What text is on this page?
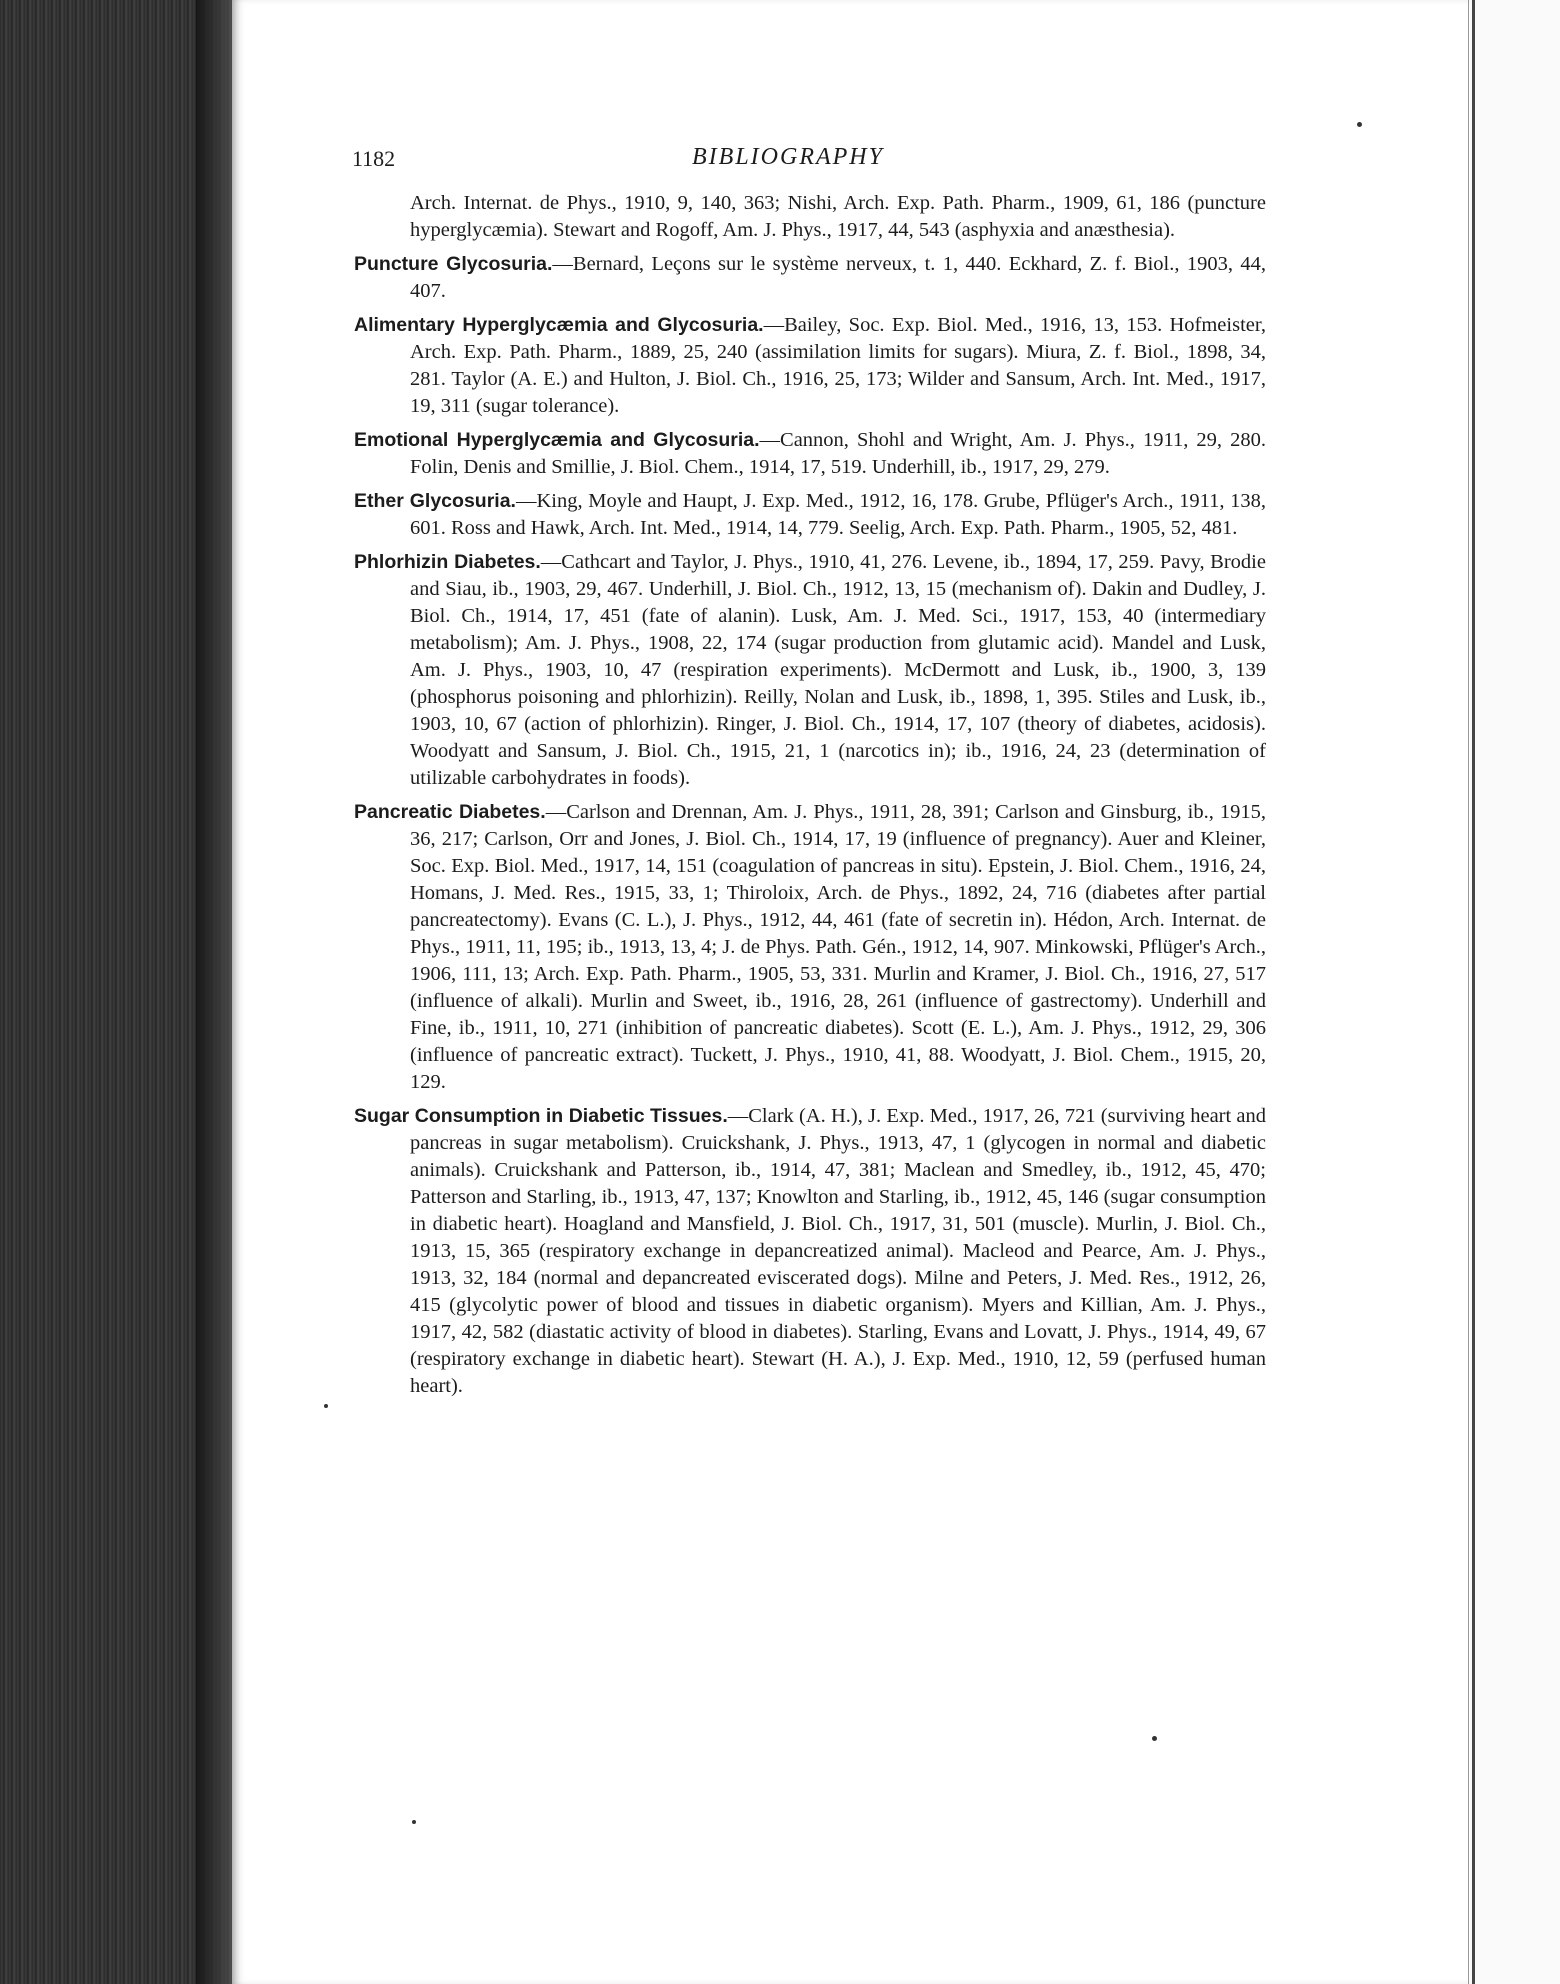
1182	BIBLIOGRAPHY

Arch. Internat. de Phys., 1910, 9, 140, 363; Nishi, Arch. Exp. Path. Pharm., 1909, 61, 186 (puncture hyperglycæmia). Stewart and Rogoff, Am. J. Phys., 1917, 44, 543 (asphyxia and anæsthesia).

Puncture Glycosuria.—Bernard, Leçons sur le système nerveux, t. 1, 440. Eckhard, Z. f. Biol., 1903, 44, 407.

Alimentary Hyperglycæmia and Glycosuria.—Bailey, Soc. Exp. Biol. Med., 1916, 13, 153. Hofmeister, Arch. Exp. Path. Pharm., 1889, 25, 240 (assimilation limits for sugars). Miura, Z. f. Biol., 1898, 34, 281. Taylor (A. E.) and Hulton, J. Biol. Ch., 1916, 25, 173; Wilder and Sansum, Arch. Int. Med., 1917, 19, 311 (sugar tolerance).

Emotional Hyperglycæmia and Glycosuria.—Cannon, Shohl and Wright, Am. J. Phys., 1911, 29, 280. Folin, Denis and Smillie, J. Biol. Chem., 1914, 17, 519. Underhill, ib., 1917, 29, 279.

Ether Glycosuria.—King, Moyle and Haupt, J. Exp. Med., 1912, 16, 178. Grube, Pflüger's Arch., 1911, 138, 601. Ross and Hawk, Arch. Int. Med., 1914, 14, 779. Seelig, Arch. Exp. Path. Pharm., 1905, 52, 481.

Phlorhizin Diabetes.—Cathcart and Taylor, J. Phys., 1910, 41, 276. Levene, ib., 1894, 17, 259. Pavy, Brodie and Siau, ib., 1903, 29, 467. Underhill, J. Biol. Ch., 1912, 13, 15 (mechanism of). Dakin and Dudley, J. Biol. Ch., 1914, 17, 451 (fate of alanin). Lusk, Am. J. Med. Sci., 1917, 153, 40 (intermediary metabolism); Am. J. Phys., 1908, 22, 174 (sugar production from glutamic acid). Mandel and Lusk, Am. J. Phys., 1903, 10, 47 (respiration experiments). McDermott and Lusk, ib., 1900, 3, 139 (phosphorus poisoning and phlorhizin). Reilly, Nolan and Lusk, ib., 1898, 1, 395. Stiles and Lusk, ib., 1903, 10, 67 (action of phlorhizin). Ringer, J. Biol. Ch., 1914, 17, 107 (theory of diabetes, acidosis). Woodyatt and Sansum, J. Biol. Ch., 1915, 21, 1 (narcotics in); ib., 1916, 24, 23 (determination of utilizable carbohydrates in foods).

Pancreatic Diabetes.—Carlson and Drennan, Am. J. Phys., 1911, 28, 391; Carlson and Ginsburg, ib., 1915, 36, 217; Carlson, Orr and Jones, J. Biol. Ch., 1914, 17, 19 (influence of pregnancy). Auer and Kleiner, Soc. Exp. Biol. Med., 1917, 14, 151 (coagulation of pancreas in situ). Epstein, J. Biol. Chem., 1916, 24, Homans, J. Med. Res., 1915, 33, 1; Thiroloix, Arch. de Phys., 1892, 24, 716 (diabetes after partial pancreatectomy). Evans (C. L.), J. Phys., 1912, 44, 461 (fate of secretin in). Hédon, Arch. Internat. de Phys., 1911, 11, 195; ib., 1913, 13, 4; J. de Phys. Path. Gén., 1912, 14, 907. Minkowski, Pflüger's Arch., 1906, 111, 13; Arch. Exp. Path. Pharm., 1905, 53, 331. Murlin and Kramer, J. Biol. Ch., 1916, 27, 517 (influence of alkali). Murlin and Sweet, ib., 1916, 28, 261 (influence of gastrectomy). Underhill and Fine, ib., 1911, 10, 271 (inhibition of pancreatic diabetes). Scott (E. L.), Am. J. Phys., 1912, 29, 306 (influence of pancreatic extract). Tuckett, J. Phys., 1910, 41, 88. Woodyatt, J. Biol. Chem., 1915, 20, 129.

Sugar Consumption in Diabetic Tissues.—Clark (A. H.), J. Exp. Med., 1917, 26, 721 (surviving heart and pancreas in sugar metabolism). Cruickshank, J. Phys., 1913, 47, 1 (glycogen in normal and diabetic animals). Cruickshank and Patterson, ib., 1914, 47, 381; Maclean and Smedley, ib., 1912, 45, 470; Patterson and Starling, ib., 1913, 47, 137; Knowlton and Starling, ib., 1912, 45, 146 (sugar consumption in diabetic heart). Hoagland and Mansfield, J. Biol. Ch., 1917, 31, 501 (muscle). Murlin, J. Biol. Ch., 1913, 15, 365 (respiratory exchange in depancreatized animal). Macleod and Pearce, Am. J. Phys., 1913, 32, 184 (normal and depancreated eviscerated dogs). Milne and Peters, J. Med. Res., 1912, 26, 415 (glycolytic power of blood and tissues in diabetic organism). Myers and Killian, Am. J. Phys., 1917, 42, 582 (diastatic activity of blood in diabetes). Starling, Evans and Lovatt, J. Phys., 1914, 49, 67 (respiratory exchange in diabetic heart). Stewart (H. A.), J. Exp. Med., 1910, 12, 59 (perfused human heart).
